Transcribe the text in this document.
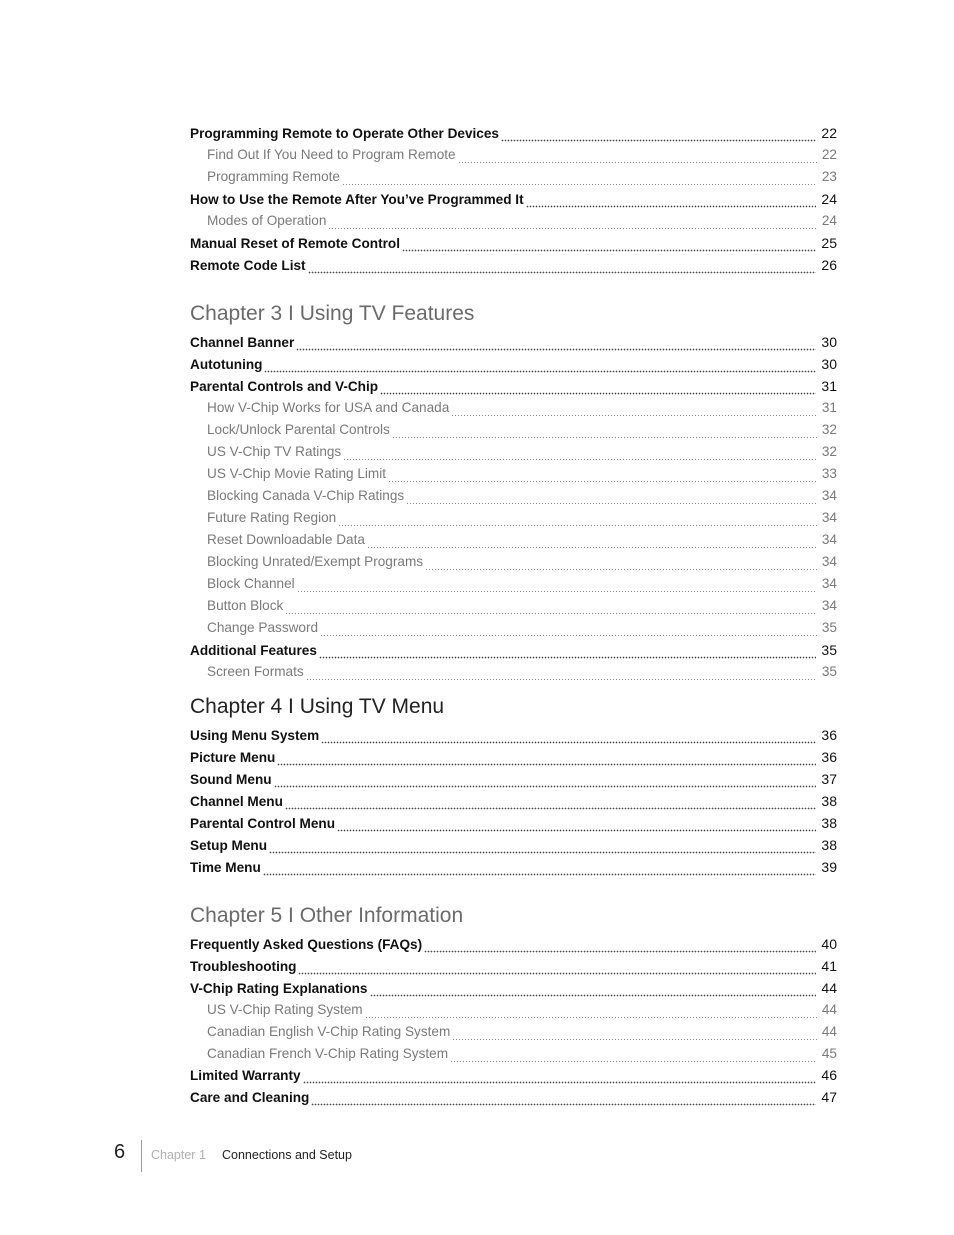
Programming Remote to Operate Other Devices	22
Find Out If You Need to Program Remote	22
Programming Remote	23
How to Use the Remote After You’ve Programmed It	24
Modes of Operation	24
Manual Reset of Remote Control	25
Remote Code List	26
Chapter 3 I Using TV Features
Channel Banner	30
Autotuning	30
Parental Controls and V-Chip	31
How V-Chip Works for USA and Canada	31
Lock/Unlock Parental Controls	32
US V-Chip TV Ratings	32
US V-Chip Movie Rating Limit	33
Blocking Canada V-Chip Ratings	34
Future Rating Region	34
Reset Downloadable Data	34
Blocking Unrated/Exempt Programs	34
Block Channel	34
Button Block	34
Change Password	35
Additional Features	35
Screen Formats	35
Chapter 4 I Using TV Menu
Using Menu System	36
Picture Menu	36
Sound Menu	37
Channel Menu	38
Parental Control Menu	38
Setup Menu	38
Time Menu	39
Chapter 5 I Other Information
Frequently Asked Questions (FAQs)	40
Troubleshooting	41
V-Chip Rating Explanations	44
US V-Chip Rating System	44
Canadian English V-Chip Rating System	44
Canadian French V-Chip Rating System	45
Limited Warranty	46
Care and Cleaning	47
6 Chapter 1 Connections and Setup
